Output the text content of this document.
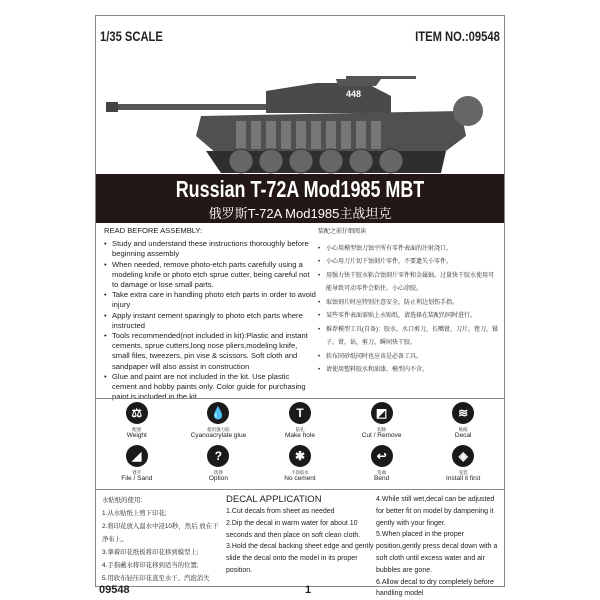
1/35 SCALE	ITEM NO.:09548
448
Russian T-72A Mod1985 MBT
俄罗斯T-72A Mod1985主战坦克
READ BEFORE ASSEMBLY:
• Study and understand these instructions thoroughly before beginning assembly
• When needed, remove photo-etch parts carefully using a modeling knife or photo etch sprue cutter, being careful not to damage or lose small parts.
• Take extra care in handling photo etch parts in order to avoid injury
• Apply instant cement sparingly to photo etch parts where instructed
• Tools recommended(not included in kit):Plastic and instant cements, sprue cutters,long nose pliers,modeling knife, small files, tweezers, pin vise & scissors. Soft cloth and sandpaper will also assist in construction
• Glue and paint are not included in the kit. Use plastic cement and hobby paints only. Color guide for purchasing paint is included in the kit.
装配之前仔细阅读
• 小心用模型蚀刀蚀平所有零件表面的注射浇口。
• 小心用刀片切下蚀刻片零件，不要遗失小零件。
• 用强力快干胶水粘合蚀刻片零件和金属轴。过量快干胶水使用可能导致可动零件会粘往。小心涂胶。
• 取蚀刻片时应特别注意安全，防止利边划伤手指。
• 某些零件表面需贴上水贴纸，请选择在装配的同时进行。
• 推荐模型工具(自备)：胶水，水口剪刀，长嘴钳，刀片，锉刀，镊子，钳，钻，剪刀，瞬间快干胶。
• 软布同砂纸同时也应该是必备工具。
• 请使用塑料胶水和油漆，模型内不含。
⚖
配重
Weight
💧
使用强力胶
Cyanoacrylate glue
T
钻孔
Make hole
◩
切除
Cut / Remove
≋
贴纸
Decal
◢
锉平
File / Sand
?
选择
Option
✱
不涂胶水
No cement
↩
弯曲
Bend
◈
先装
Install it first
水贴纸的使用:
1.从水贴纸上剪下印花;
2.将印花放入温水中浸10秒，然后 放在干净布上。
3.拿着印花纸板将印花移到模型上;
4.手指蘸水将印花移到适当的位置;
5.用软布轻压印花直至水干、汽泡消失
DECAL APPLICATION
1.Cut decals from sheet as needed
2.Dip the decal in warm water for about 10 seconds and then place on soft clean cloth.
3.Hold the decal backing sheet edge and gently slide the decal onto the model in its proper position.
4.While still wet,decal can be adjusted for better fit on model by dampening it gently with your finger.
5.When placed in the proper position,gently press decal down with a soft cloth until excess water and air bubbles are gone.
6.Allow decal to dry completely before handling model
09548	1
